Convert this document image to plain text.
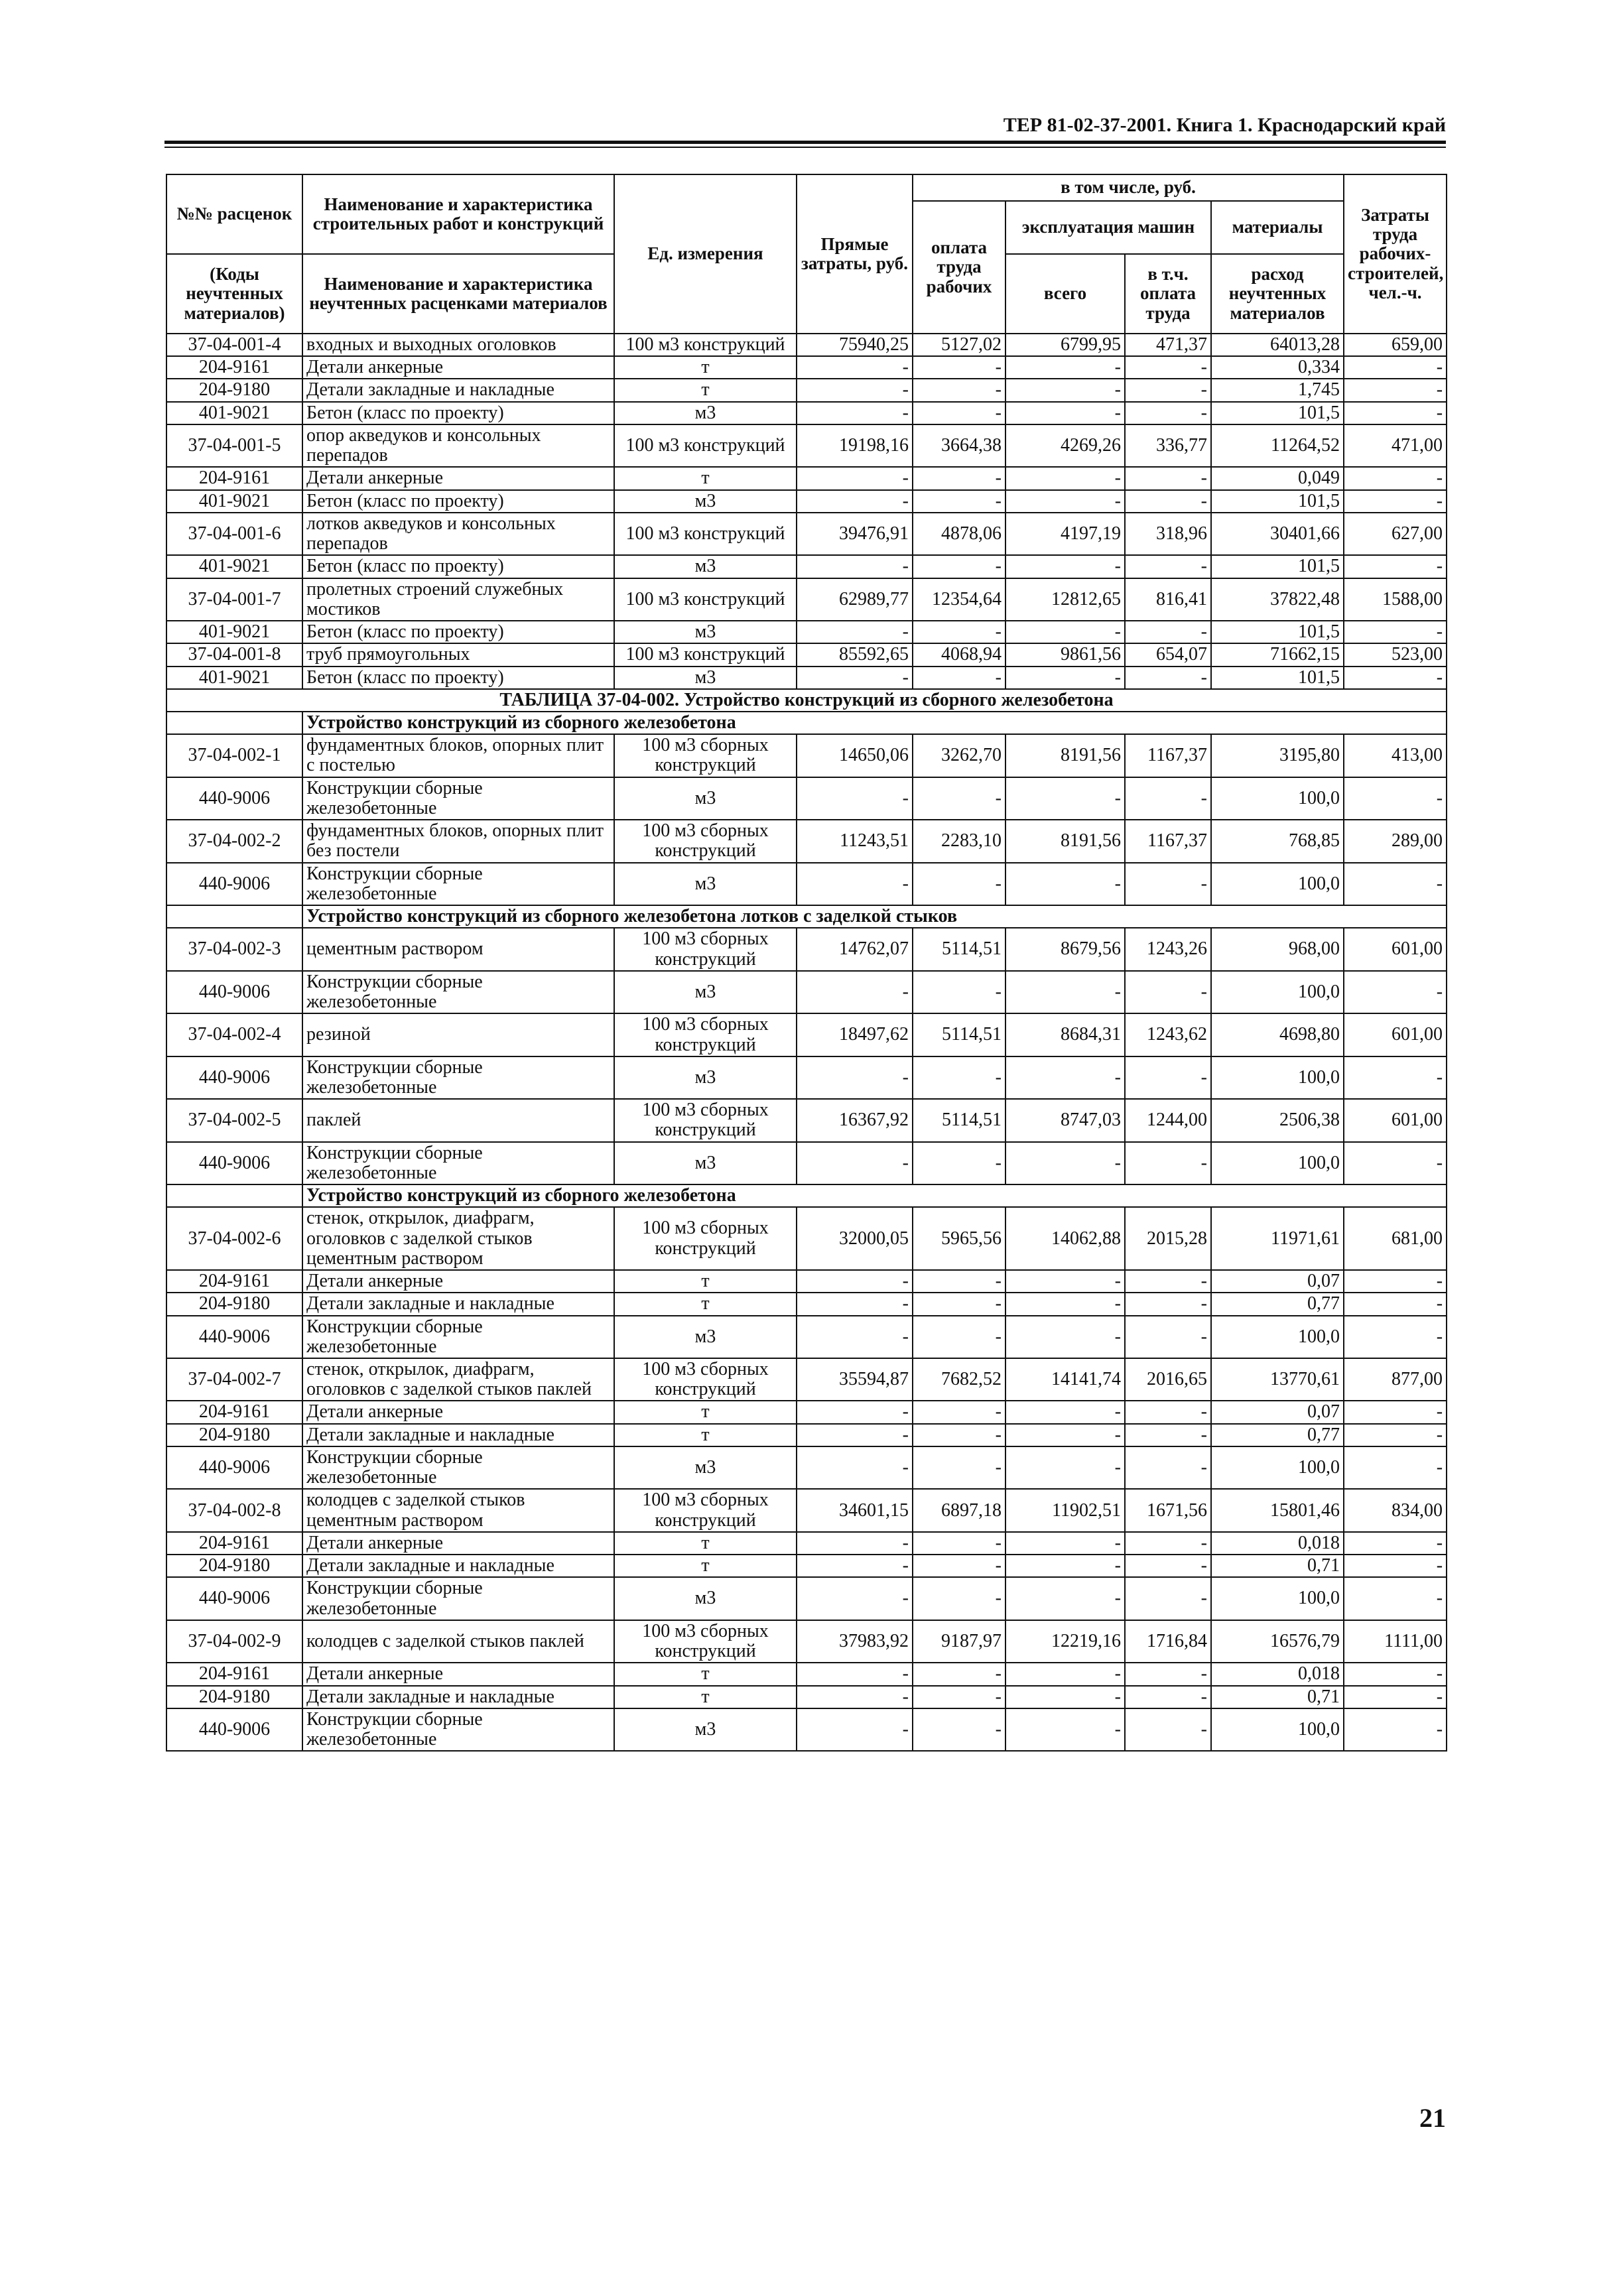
ТЕР 81-02-37-2001. Книга 1. Краснодарский край
№№ расценок	Наименование и характеристика строительных работ и конструкций	Ед. измерения	Прямые затраты, руб.	в том числе, руб.				Затраты труда рабочих-строителей, чел.-ч.
				оплата труда рабочих	эксплуатация машин		материалы	

(Коды неучтенных материалов)	Наименование и характеристика неучтенных расценками материалов				всего	в т.ч. оплата труда	расход неучтенных материалов	

37-04-001-4	входных и выходных оголовков	100 м3 конструкций	75940,25	5127,02	6799,95	471,37	64013,28	659,00
204-9161	Детали анкерные	т	-	-	-	-	0,334	-
204-9180	Детали закладные и накладные	т	-	-	-	-	1,745	-
401-9021	Бетон (класс по проекту)	м3	-	-	-	-	101,5	-
37-04-001-5	опор акведуков и консольных перепадов	100 м3 конструкций	19198,16	3664,38	4269,26	336,77	11264,52	471,00
204-9161	Детали анкерные	т	-	-	-	-	0,049	-
401-9021	Бетон (класс по проекту)	м3	-	-	-	-	101,5	-
37-04-001-6	лотков акведуков и консольных перепадов	100 м3 конструкций	39476,91	4878,06	4197,19	318,96	30401,66	627,00
401-9021	Бетон (класс по проекту)	м3	-	-	-	-	101,5	-
37-04-001-7	пролетных строений служебных мостиков	100 м3 конструкций	62989,77	12354,64	12812,65	816,41	37822,48	1588,00
401-9021	Бетон (класс по проекту)	м3	-	-	-	-	101,5	-
37-04-001-8	труб прямоугольных	100 м3 конструкций	85592,65	4068,94	9861,56	654,07	71662,15	523,00
401-9021	Бетон (класс по проекту)	м3	-	-	-	-	101,5	-
ТАБЛИЦА 37-04-002. Устройство конструкций из сборного железобетона								
	Устройство конструкций из сборного железобетона							
37-04-002-1	фундаментных блоков, опорных плит с постелью	100 м3 сборных конструкций	14650,06	3262,70	8191,56	1167,37	3195,80	413,00
440-9006	Конструкции сборные железобетонные	м3	-	-	-	-	100,0	-
37-04-002-2	фундаментных блоков, опорных плит без постели	100 м3 сборных конструкций	11243,51	2283,10	8191,56	1167,37	768,85	289,00
440-9006	Конструкции сборные железобетонные	м3	-	-	-	-	100,0	-
	Устройство конструкций из сборного железобетона лотков с заделкой стыков							
37-04-002-3	цементным раствором	100 м3 сборных конструкций	14762,07	5114,51	8679,56	1243,26	968,00	601,00
440-9006	Конструкции сборные железобетонные	м3	-	-	-	-	100,0	-
37-04-002-4	резиной	100 м3 сборных конструкций	18497,62	5114,51	8684,31	1243,62	4698,80	601,00
440-9006	Конструкции сборные железобетонные	м3	-	-	-	-	100,0	-
37-04-002-5	паклей	100 м3 сборных конструкций	16367,92	5114,51	8747,03	1244,00	2506,38	601,00
440-9006	Конструкции сборные железобетонные	м3	-	-	-	-	100,0	-
	Устройство конструкций из сборного железобетона							
37-04-002-6	стенок, открылок, диафрагм, оголовков с заделкой стыков цементным раствором	100 м3 сборных конструкций	32000,05	5965,56	14062,88	2015,28	11971,61	681,00
204-9161	Детали анкерные	т	-	-	-	-	0,07	-
204-9180	Детали закладные и накладные	т	-	-	-	-	0,77	-
440-9006	Конструкции сборные железобетонные	м3	-	-	-	-	100,0	-
37-04-002-7	стенок, открылок, диафрагм, оголовков с заделкой стыков паклей	100 м3 сборных конструкций	35594,87	7682,52	14141,74	2016,65	13770,61	877,00
204-9161	Детали анкерные	т	-	-	-	-	0,07	-
204-9180	Детали закладные и накладные	т	-	-	-	-	0,77	-
440-9006	Конструкции сборные железобетонные	м3	-	-	-	-	100,0	-
37-04-002-8	колодцев с заделкой стыков цементным раствором	100 м3 сборных конструкций	34601,15	6897,18	11902,51	1671,56	15801,46	834,00
204-9161	Детали анкерные	т	-	-	-	-	0,018	-
204-9180	Детали закладные и накладные	т	-	-	-	-	0,71	-
440-9006	Конструкции сборные железобетонные	м3	-	-	-	-	100,0	-
37-04-002-9	колодцев с заделкой стыков паклей	100 м3 сборных конструкций	37983,92	9187,97	12219,16	1716,84	16576,79	1111,00
204-9161	Детали анкерные	т	-	-	-	-	0,018	-
204-9180	Детали закладные и накладные	т	-	-	-	-	0,71	-
440-9006	Конструкции сборные железобетонные	м3	-	-	-	-	100,0	-
21
